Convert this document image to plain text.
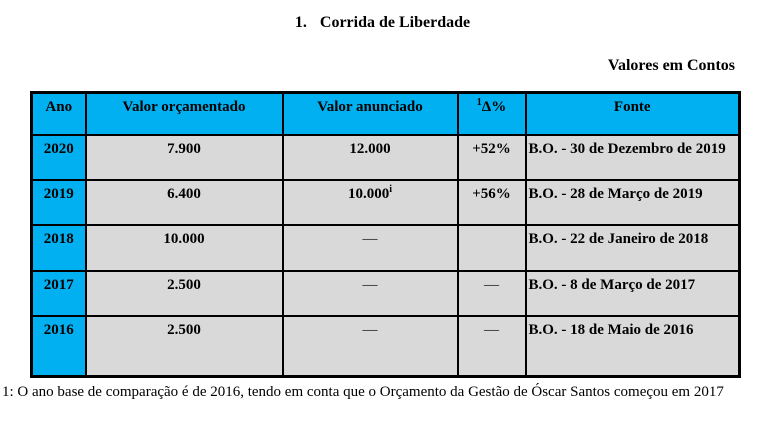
1. Corrida de Liberdade
Valores em Contos
Ano	Valor orçamentado	Valor anunciado	$^1$Δ%	Fonte
2020	7.900	12.000	+52%	B.O. - 30 de Dezembro de 2019
2019	6.400	$10.000^i$	+56%	B.O. - 28 de Março de 2019
2018	10.000	—		B.O. - 22 de Janeiro de 2018
2017	2.500	—	—	B.O. - 8 de Março de 2017
2016	2.500	—	—	B.O. - 18 de Maio de 2016
1: O ano base de comparação é de 2016, tendo em conta que o Orçamento da Gestão de Óscar Santos começou em 2017
